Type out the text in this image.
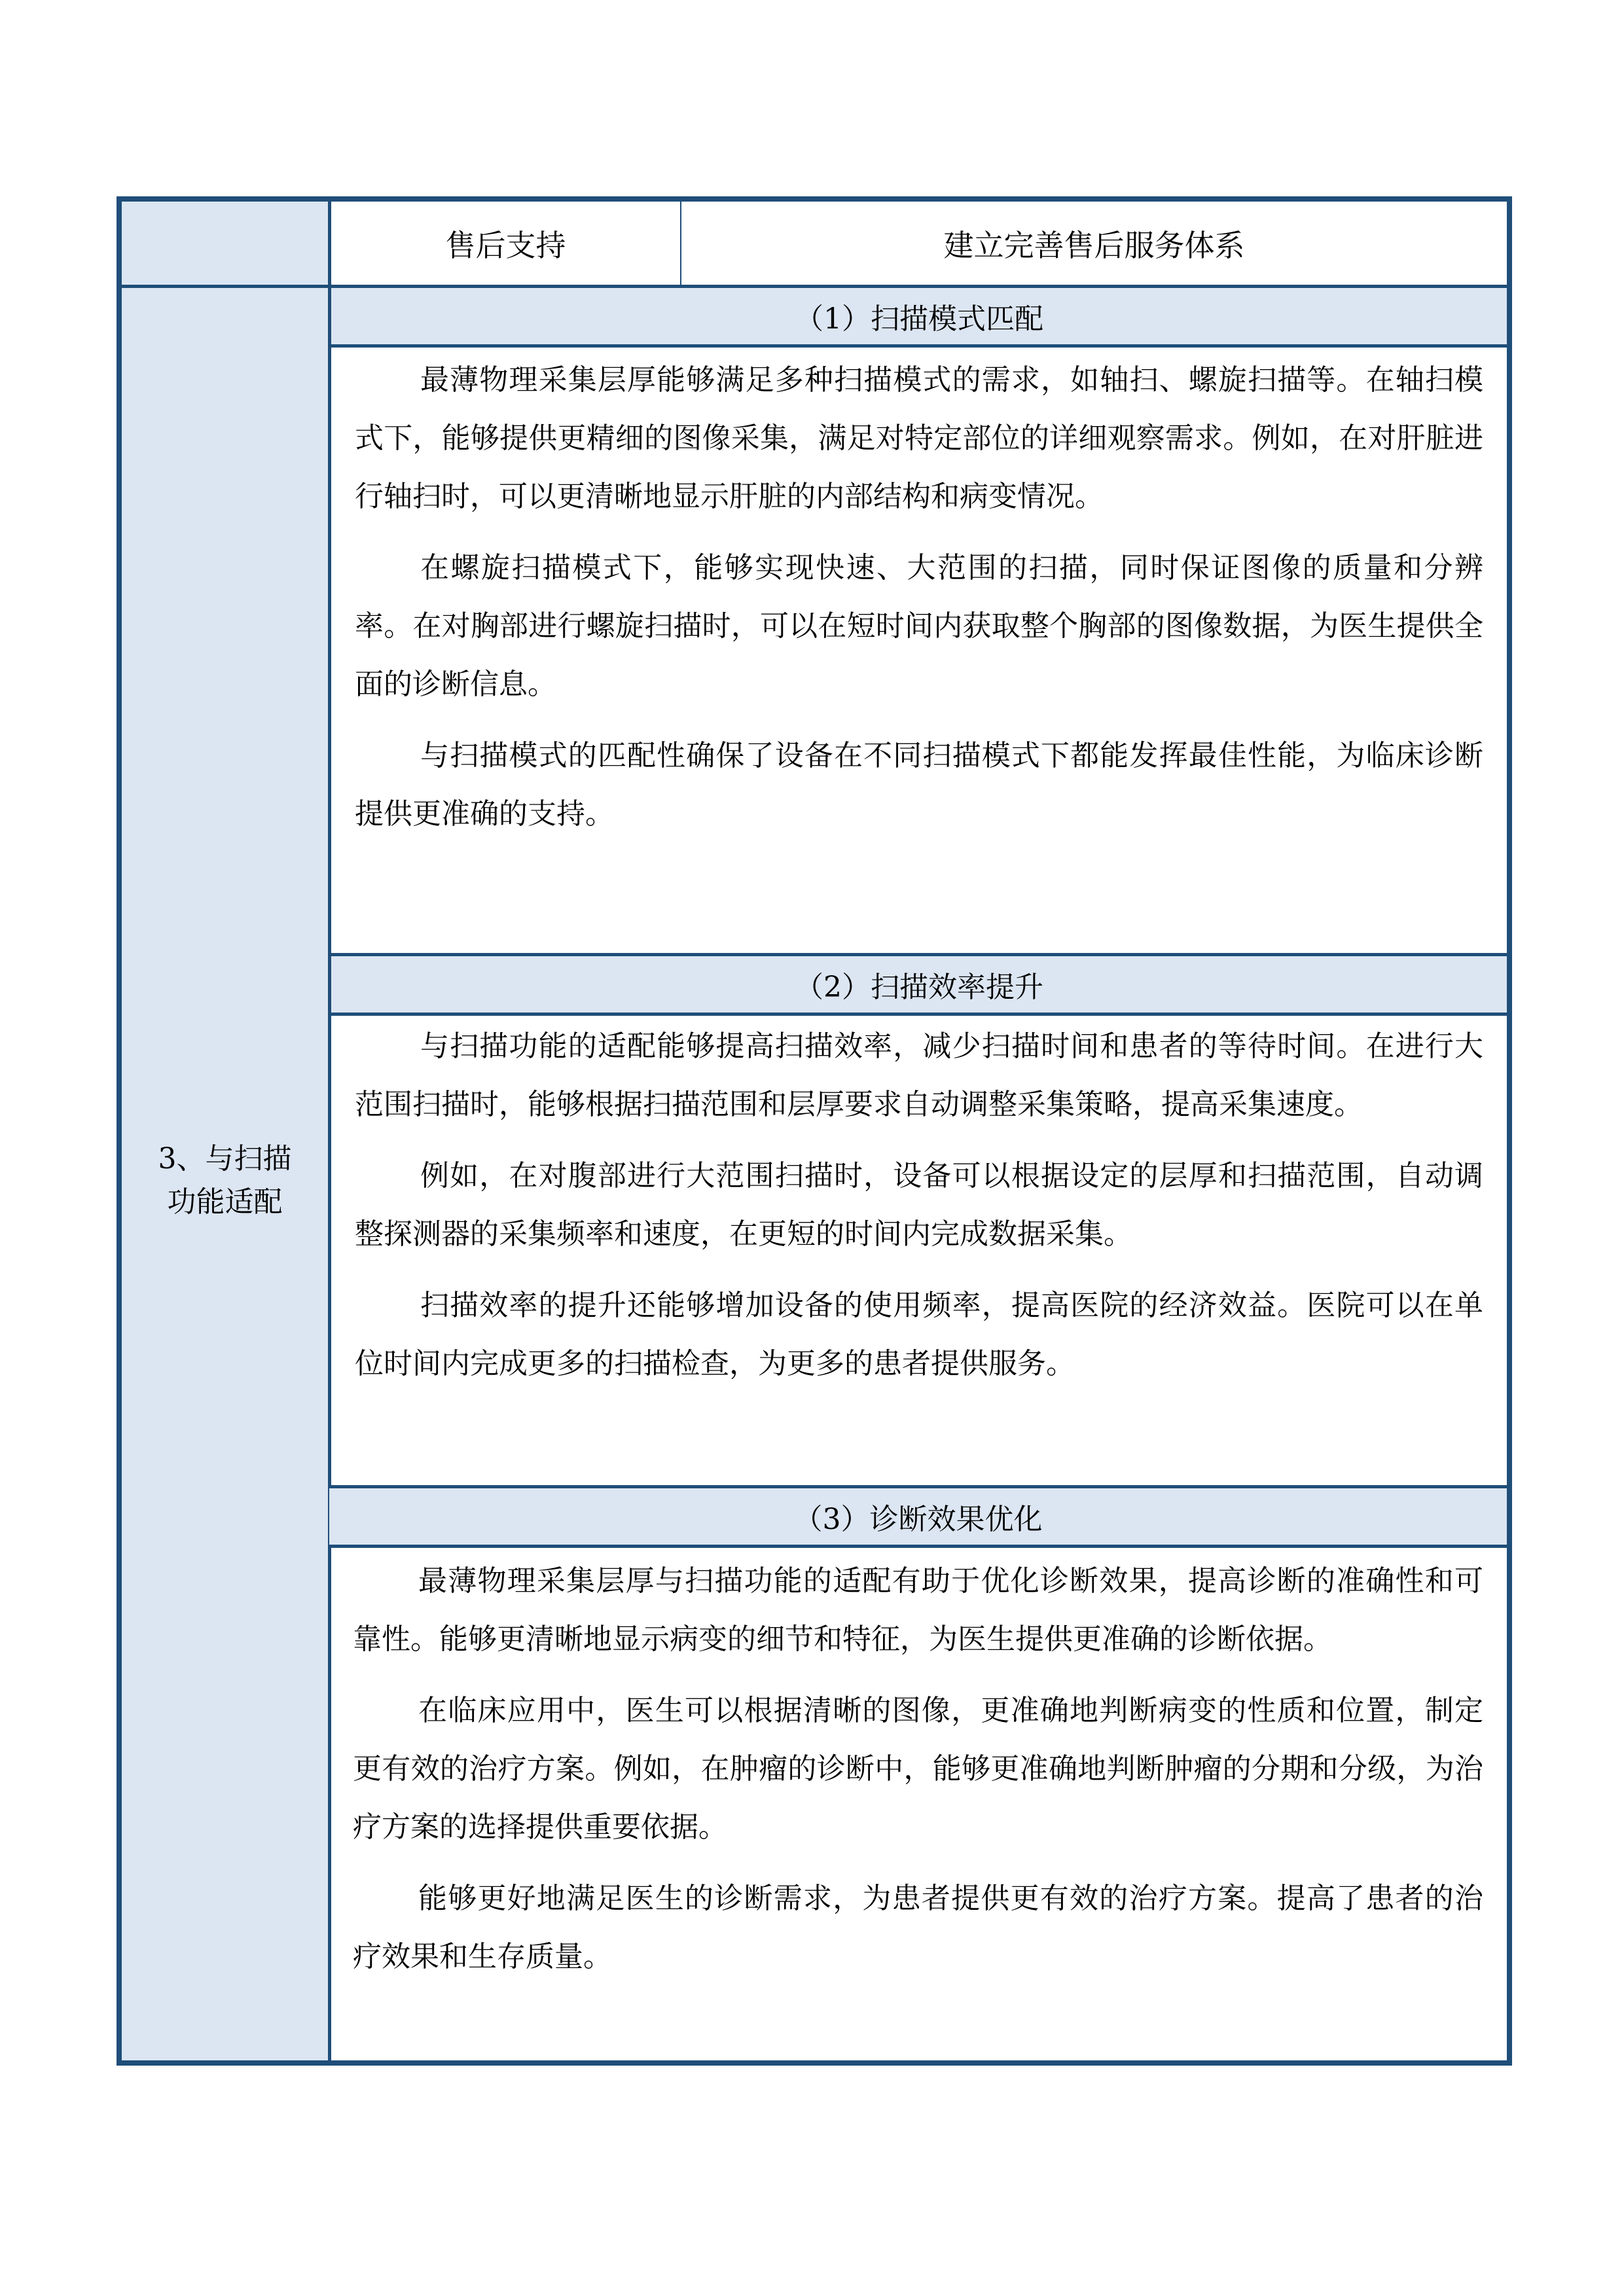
3、与扫描
功能适配
售后支持	建立完善售后服务体系
（1）扫描模式匹配

最薄物理采集层厚能够满足多种扫描模式的需求，如轴扫、螺旋扫描等。在轴扫模式下，能够提供更精细的图像采集，满足对特定部位的详细观察需求。例如，在对肝脏进行轴扫时，可以更清晰地显示肝脏的内部结构和病变情况。

在螺旋扫描模式下，能够实现快速、大范围的扫描，同时保证图像的质量和分辨率。在对胸部进行螺旋扫描时，可以在短时间内获取整个胸部的图像数据，为医生提供全面的诊断信息。

与扫描模式的匹配性确保了设备在不同扫描模式下都能发挥最佳性能，为临床诊断提供更准确的支持。

（2）扫描效率提升

与扫描功能的适配能够提高扫描效率，减少扫描时间和患者的等待时间。在进行大范围扫描时，能够根据扫描范围和层厚要求自动调整采集策略，提高采集速度。

例如，在对腹部进行大范围扫描时，设备可以根据设定的层厚和扫描范围，自动调整探测器的采集频率和速度，在更短的时间内完成数据采集。

扫描效率的提升还能够增加设备的使用频率，提高医院的经济效益。医院可以在单位时间内完成更多的扫描检查，为更多的患者提供服务。

（3）诊断效果优化

最薄物理采集层厚与扫描功能的适配有助于优化诊断效果，提高诊断的准确性和可靠性。能够更清晰地显示病变的细节和特征，为医生提供更准确的诊断依据。

在临床应用中，医生可以根据清晰的图像，更准确地判断病变的性质和位置，制定更有效的治疗方案。例如，在肿瘤的诊断中，能够更准确地判断肿瘤的分期和分级，为治疗方案的选择提供重要依据。

能够更好地满足医生的诊断需求，为患者提供更有效的治疗方案。提高了患者的治疗效果和生存质量。
